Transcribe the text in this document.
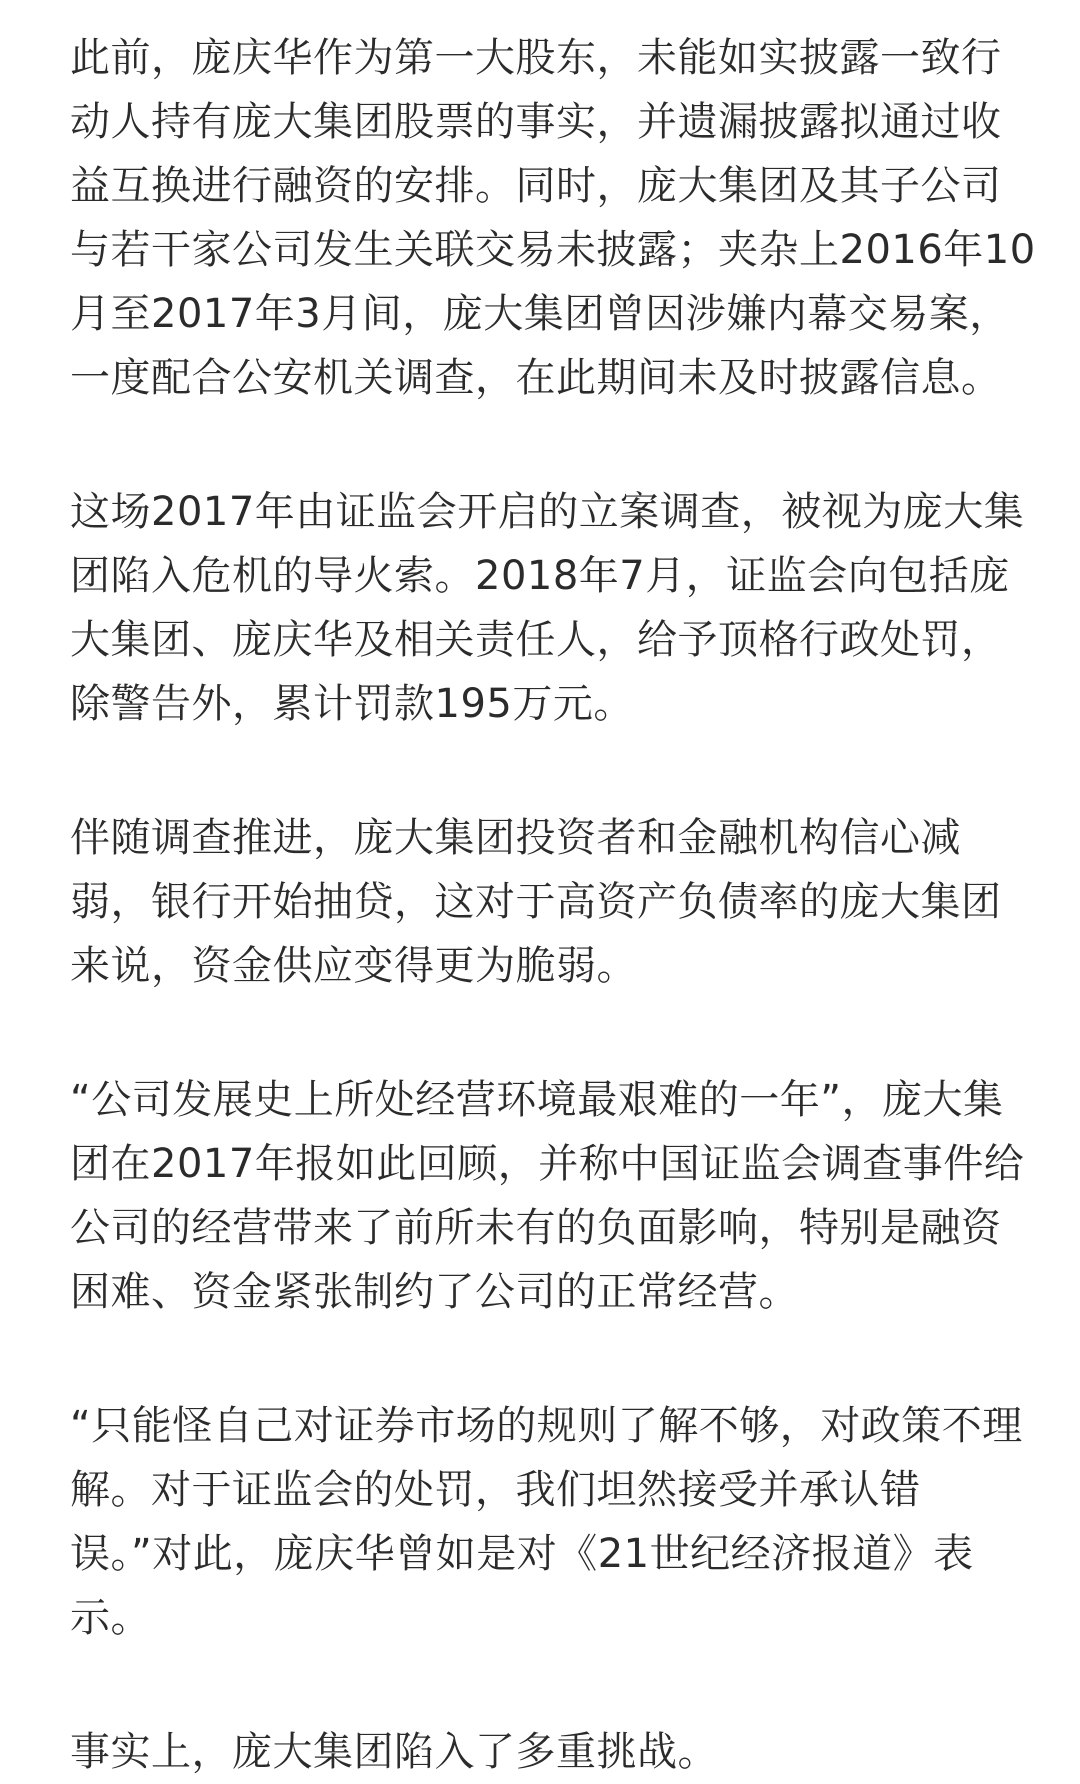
此前，庞庆华作为第一大股东，未能如实披露一致行
动人持有庞大集团股票的事实，并遗漏披露拟通过收
益互换进行融资的安排。同时，庞大集团及其子公司
与若干家公司发生关联交易未披露；夹杂上2016年10
月至2017年3月间，庞大集团曾因涉嫌内幕交易案，
一度配合公安机关调查，在此期间未及时披露信息。

这场2017年由证监会开启的立案调查，被视为庞大集
团陷入危机的导火索。2018年7月，证监会向包括庞
大集团、庞庆华及相关责任人，给予顶格行政处罚，
除警告外，累计罚款195万元。

伴随调查推进，庞大集团投资者和金融机构信心减
弱，银行开始抽贷，这对于高资产负债率的庞大集团
来说，资金供应变得更为脆弱。

“公司发展史上所处经营环境最艰难的一年”，庞大集
团在2017年报如此回顾，并称中国证监会调查事件给
公司的经营带来了前所未有的负面影响，特别是融资
困难、资金紧张制约了公司的正常经营。

“只能怪自己对证券市场的规则了解不够，对政策不理
解。对于证监会的处罚，我们坦然接受并承认错
误。”对此，庞庆华曾如是对《21世纪经济报道》表
示。

事实上，庞大集团陷入了多重挑战。
